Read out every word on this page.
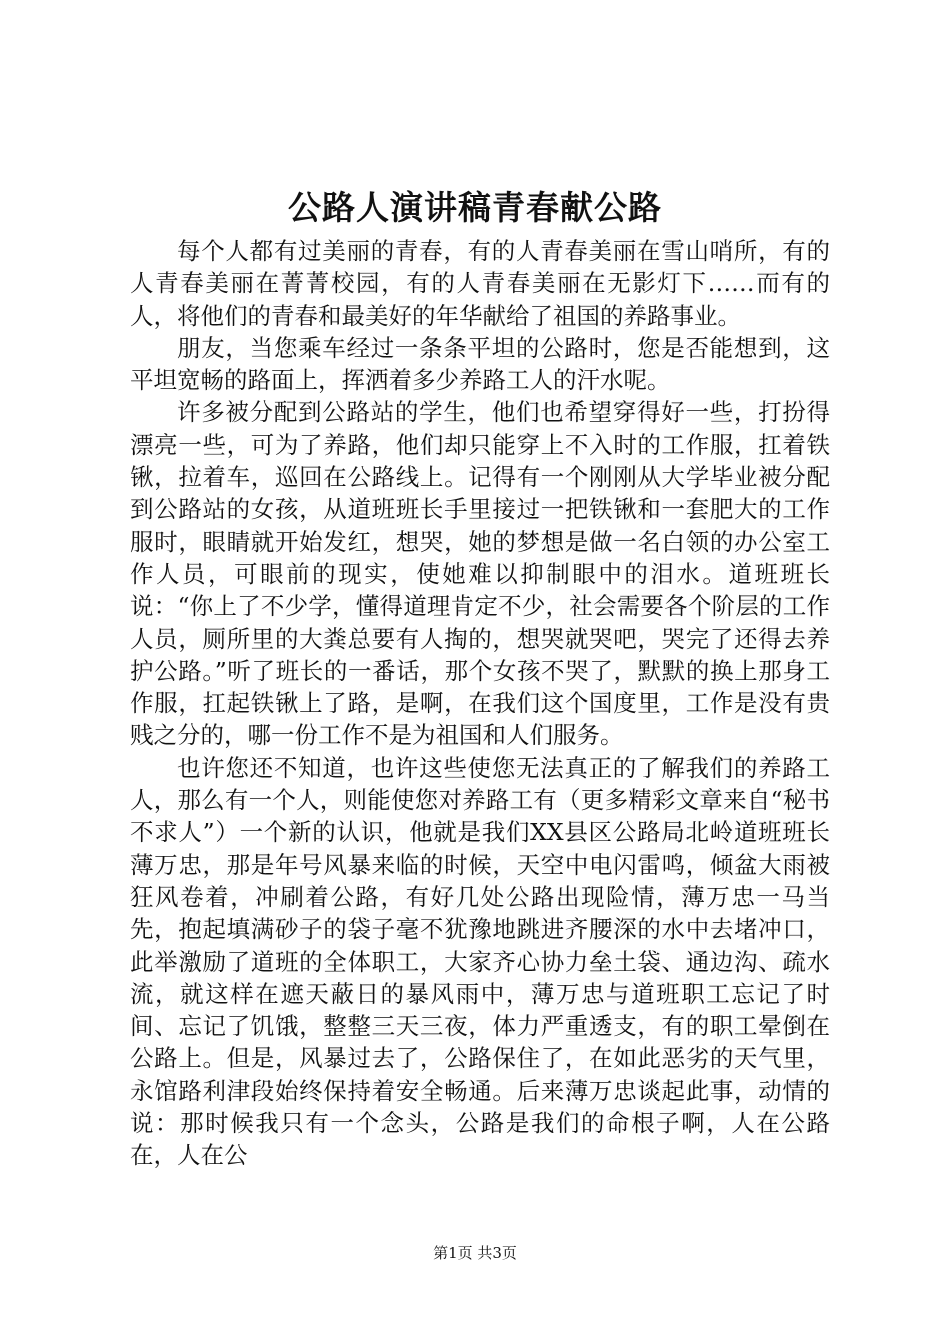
公路人演讲稿青春献公路

每个人都有过美丽的青春，有的人青春美丽在雪山哨所，有的人青春美丽在菁菁校园，有的人青春美丽在无影灯下……而有的人，将他们的青春和最美好的年华献给了祖国的养路事业。

朋友，当您乘车经过一条条平坦的公路时，您是否能想到，这平坦宽畅的路面上，挥洒着多少养路工人的汗水呢。

许多被分配到公路站的学生，他们也希望穿得好一些，打扮得漂亮一些，可为了养路，他们却只能穿上不入时的工作服，扛着铁锹，拉着车，巡回在公路线上。记得有一个刚刚从大学毕业被分配到公路站的女孩，从道班班长手里接过一把铁锹和一套肥大的工作服时，眼睛就开始发红，想哭，她的梦想是做一名白领的办公室工作人员，可眼前的现实，使她难以抑制眼中的泪水。道班班长说：“你上了不少学，懂得道理肯定不少，社会需要各个阶层的工作人员，厕所里的大粪总要有人掏的，想哭就哭吧，哭完了还得去养护公路。”听了班长的一番话，那个女孩不哭了，默默的换上那身工作服，扛起铁锹上了路，是啊，在我们这个国度里，工作是没有贵贱之分的，哪一份工作不是为祖国和人们服务。

也许您还不知道，也许这些使您无法真正的了解我们的养路工人，那么有一个人，则能使您对养路工有（更多精彩文章来自“秘书不求人”）一个新的认识，他就是我们XX县区公路局北岭道班班长薄万忠，那是年号风暴来临的时候，天空中电闪雷鸣，倾盆大雨被狂风卷着，冲刷着公路，有好几处公路出现险情，薄万忠一马当先，抱起填满砂子的袋子毫不犹豫地跳进齐腰深的水中去堵冲口，此举激励了道班的全体职工，大家齐心协力垒土袋、通边沟、疏水流，就这样在遮天蔽日的暴风雨中，薄万忠与道班职工忘记了时间、忘记了饥饿，整整三天三夜，体力严重透支，有的职工晕倒在公路上。但是，风暴过去了，公路保住了，在如此恶劣的天气里，永馆路利津段始终保持着安全畅通。后来薄万忠谈起此事，动情的说：那时候我只有一个念头，公路是我们的命根子啊，人在公路在，人在公

第1页 共3页
